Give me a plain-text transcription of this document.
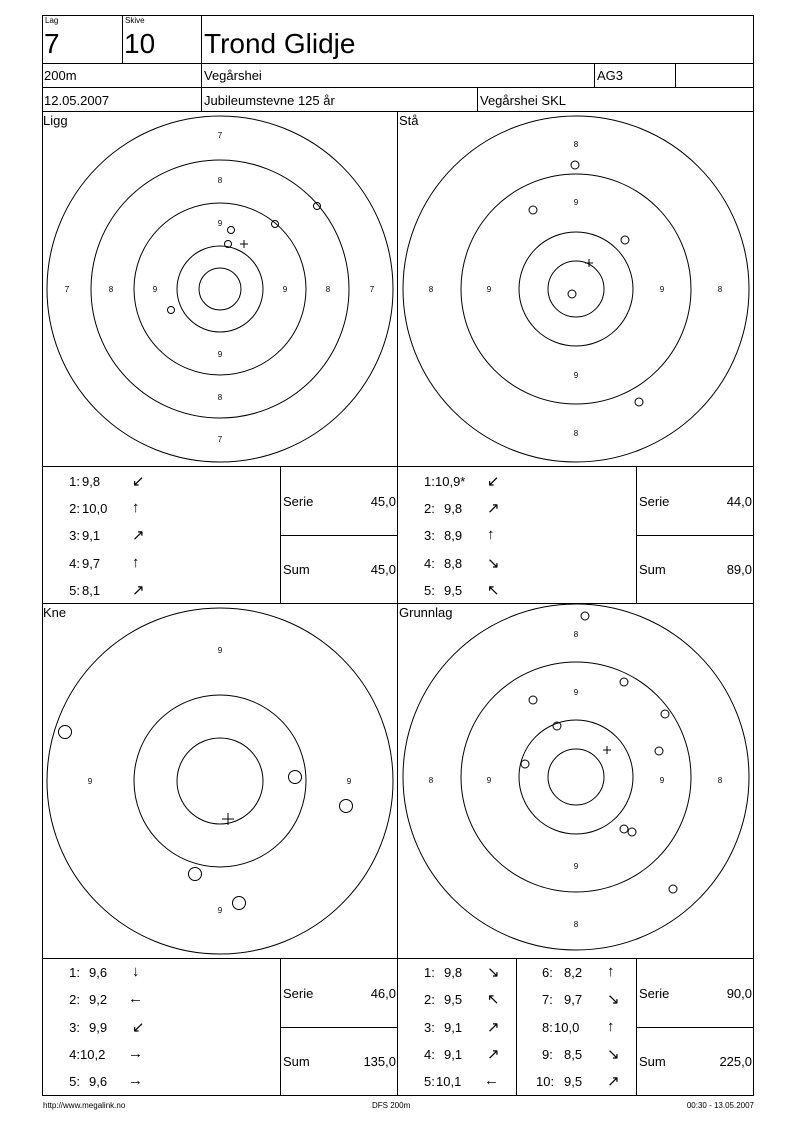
Lag
7
Skive
10 Trond Glidje
200m	Vegårshei	AG3
12.05.2007	Jubileumstevne 125 år	Vegårshei SKL
Ligg	Stå
Kne	Grunnlag
7
8
9
9
8
7
7	8	9	9	8	7
8
9
9
8
8	9	9	8
9
9
9	9
8
9
9
8
8	9	9	8
1: 9,8 ↙
2: 10,0 ↑
3: 9,1 ↗
4: 9,7 ↑
5: 8,1 ↗
Serie	45,0
Sum	45,0
1: 10,9* ↙
2: 9,8 ↗
3: 8,9 ↑
4: 8,8 ↘
5: 9,5 ↖
Serie	44,0
Sum	89,0
1: 9,6 ↓
2: 9,2 ←
3: 9,9 ↙
4: 10,2 →
5: 9,6 →
Serie	46,0
Sum	135,0
1: 9,8 ↘
2: 9,5 ↖
3: 9,1 ↗
4: 9,1 ↗
5: 10,1 ←
6: 8,2 ↑
7: 9,7 ↘
8: 10,0 ↑
9: 8,5 ↘
10: 9,5 ↗
Serie	90,0
Sum	225,0
http://www.megalink.no	DFS 200m	00:30 - 13.05.2007
